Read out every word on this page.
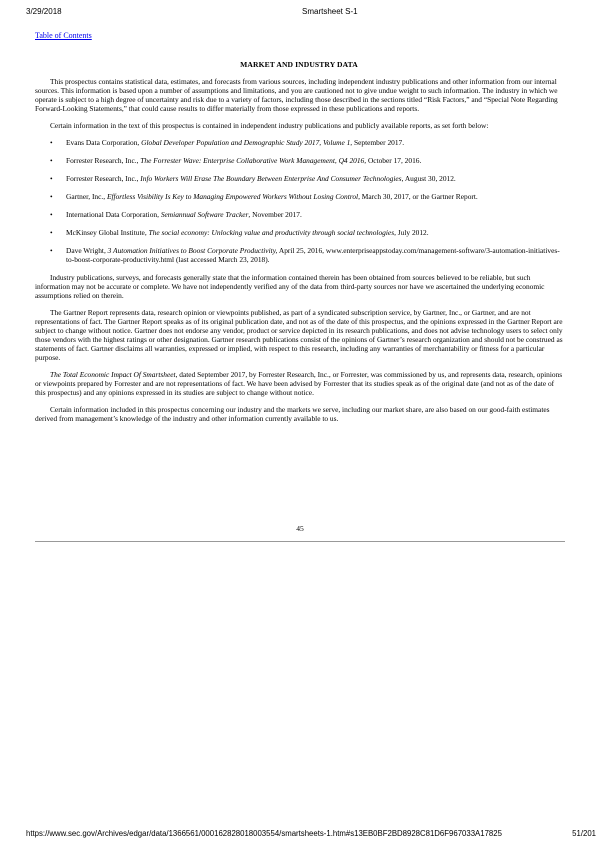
3/29/2018	Smartsheet S-1
Table of Contents
MARKET AND INDUSTRY DATA

This prospectus contains statistical data, estimates, and forecasts from various sources, including independent industry publications and other information from our internal sources. This information is based upon a number of assumptions and limitations, and you are cautioned not to give undue weight to such information. The industry in which we operate is subject to a high degree of uncertainty and risk due to a variety of factors, including those described in the sections titled “Risk Factors,” and “Special Note Regarding Forward-Looking Statements,” that could cause results to differ materially from those expressed in these publications and reports.

Certain information in the text of this prospectus is contained in independent industry publications and publicly available reports, as set forth below:

• Evans Data Corporation, Global Developer Population and Demographic Study 2017, Volume 1, September 2017.
• Forrester Research, Inc., The Forrester Wave: Enterprise Collaborative Work Management, Q4 2016, October 17, 2016.
• Forrester Research, Inc., Info Workers Will Erase The Boundary Between Enterprise And Consumer Technologies, August 30, 2012.
• Gartner, Inc., Effortless Visibility Is Key to Managing Empowered Workers Without Losing Control, March 30, 2017, or the Gartner Report.
• International Data Corporation, Semiannual Software Tracker, November 2017.
• McKinsey Global Institute, The social economy: Unlocking value and productivity through social technologies, July 2012.
• Dave Wright, 3 Automation Initiatives to Boost Corporate Productivity, April 25, 2016, www.enterpriseappstoday.com/management-software/3-automation-initiatives-to-boost-corporate-productivity.html (last accessed March 23, 2018).

Industry publications, surveys, and forecasts generally state that the information contained therein has been obtained from sources believed to be reliable, but such information may not be accurate or complete. We have not independently verified any of the data from third-party sources nor have we ascertained the underlying economic assumptions relied on therein.

The Gartner Report represents data, research opinion or viewpoints published, as part of a syndicated subscription service, by Gartner, Inc., or Gartner, and are not representations of fact. The Gartner Report speaks as of its original publication date, and not as of the date of this prospectus, and the opinions expressed in the Gartner Report are subject to change without notice. Gartner does not endorse any vendor, product or service depicted in its research publications, and does not advise technology users to select only those vendors with the highest ratings or other designation. Gartner research publications consist of the opinions of Gartner’s research organization and should not be construed as statements of fact. Gartner disclaims all warranties, expressed or implied, with respect to this research, including any warranties of merchantability or fitness for a particular purpose.

The Total Economic Impact Of Smartsheet, dated September 2017, by Forrester Research, Inc., or Forrester, was commissioned by us, and represents data, research, opinions or viewpoints prepared by Forrester and are not representations of fact. We have been advised by Forrester that its studies speak as of the original date (and not as of the date of this prospectus) and any opinions expressed in its studies are subject to change without notice.

Certain information included in this prospectus concerning our industry and the markets we serve, including our market share, are also based on our good-faith estimates derived from management’s knowledge of the industry and other information currently available to us.

45
https://www.sec.gov/Archives/edgar/data/1366561/000162828018003554/smartsheets-1.htm#s13EB0BF2BD8928C81D6F967033A17825	51/201
